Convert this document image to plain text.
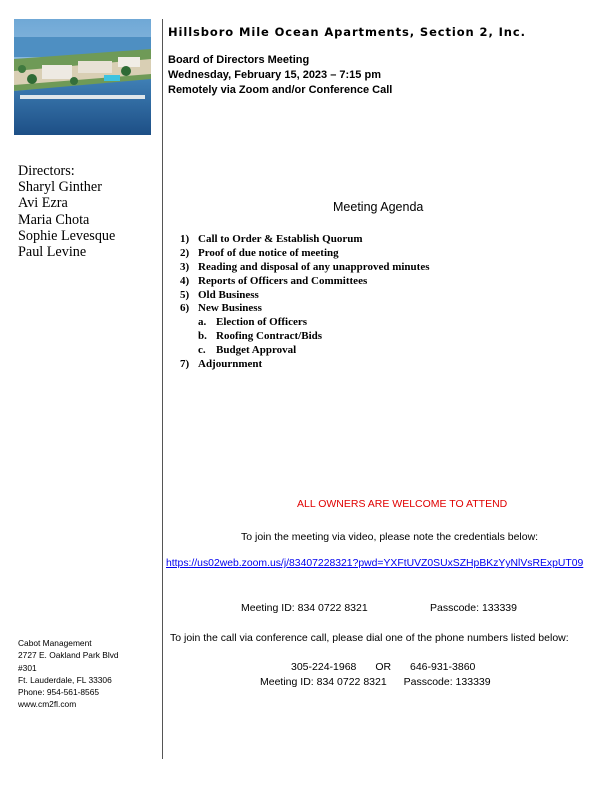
Hillsboro Mile Ocean Apartments, Section 2, Inc.
Board of Directors Meeting
Wednesday, February 15, 2023 – 7:15 pm
Remotely via Zoom and/or Conference Call
Directors:
Sharyl Ginther
Avi Ezra
Maria Chota
Sophie Levesque
Paul Levine
Meeting Agenda
1) Call to Order & Establish Quorum
2) Proof of due notice of meeting
3) Reading and disposal of any unapproved minutes
4) Reports of Officers and Committees
5) Old Business
6) New Business
a. Election of Officers
b. Roofing Contract/Bids
c. Budget Approval
7) Adjournment
ALL OWNERS ARE WELCOME TO ATTEND
To join the meeting via video, please note the credentials below:
https://us02web.zoom.us/j/83407228321?pwd=YXFtUVZ0SUxSZHpBKzYyNlVsRExpUT09
Meeting ID: 834 0722 8321	Passcode: 133339
To join the call via conference call, please dial one of the phone numbers listed below:
305-224-1968 OR 646-931-3860
Meeting ID: 834 0722 8321 Passcode: 133339
Cabot Management
2727 E. Oakland Park Blvd
#301
Ft. Lauderdale, FL 33306
Phone: 954-561-8565
www.cm2fl.com
